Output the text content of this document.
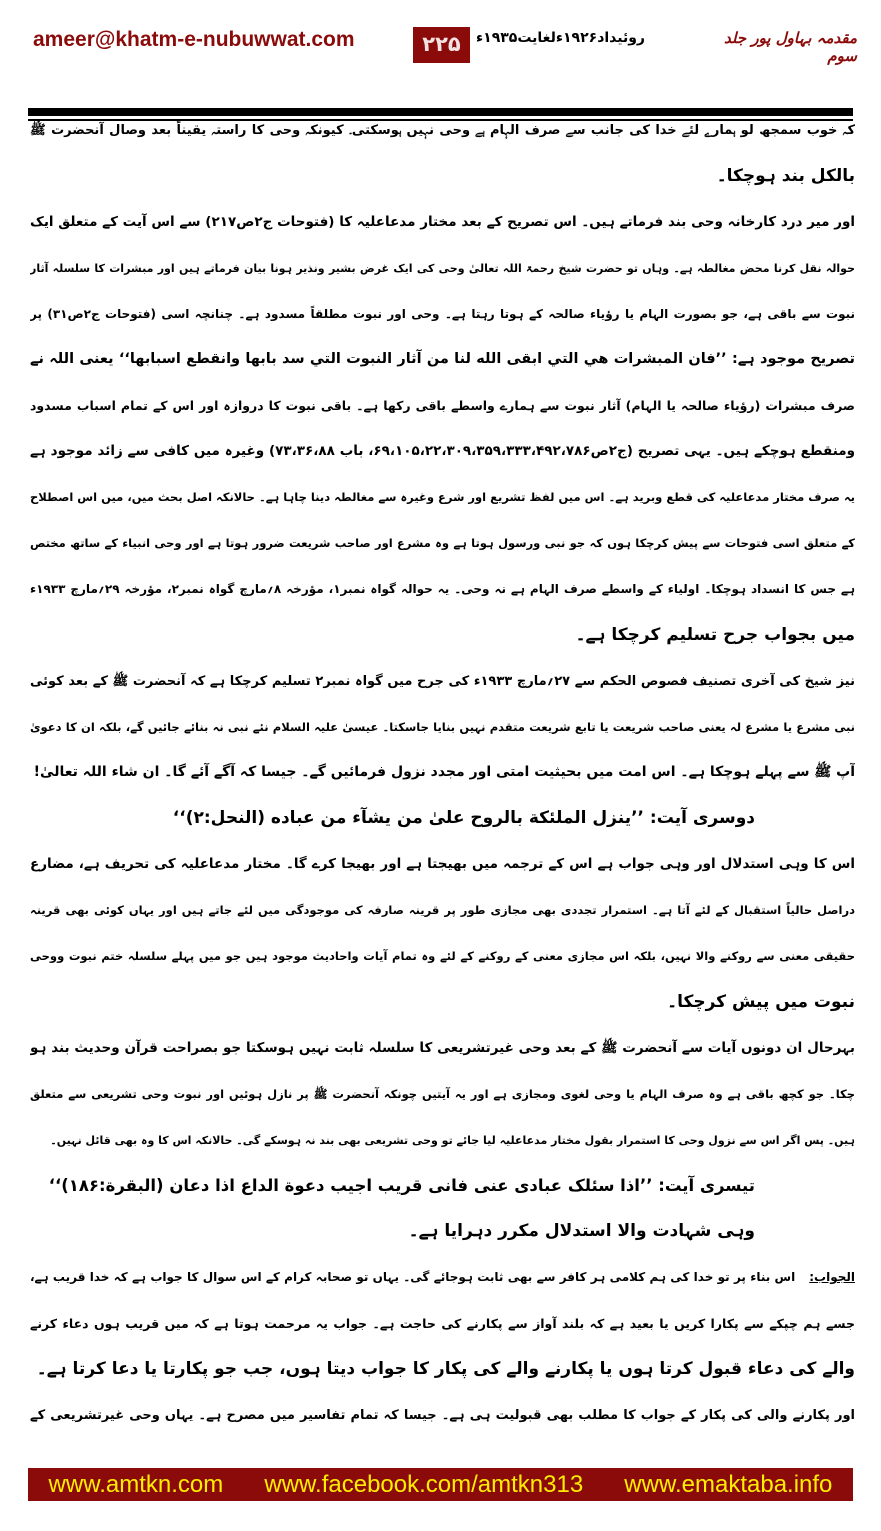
ameer@khatm-e-nubuwwat.com	۲۲۵	روئیداد۱۹۲۶ءلغایت۱۹۳۵ء	مقدمہ بہاول پور جلد سوم
کہ خوب سمجھ لو ہمارے لئے خدا کی جانب سے صرف الہام ہے وحی نہیں ہوسکتی۔ کیونکہ وحی کا راستہ یقیناً بعد وصال آنحضرت ﷺ
بالکل بند ہوچکا۔
اور میر درد کارخانہ وحی بند فرماتے ہیں۔ اس تصریح کے بعد مختار مدعاعلیہ کا (فتوحات ج۲ص۲۱۷) سے اس آیت کے متعلق ایک
حوالہ نقل کرنا محض مغالطہ ہے۔ وہاں تو حضرت شیخ رحمۃ اللہ تعالیٰ وحی کی ایک غرض بشیر ونذیر ہونا بیان فرماتے ہیں اور مبشرات کا سلسلہ آثار
نبوت سے باقی ہے، جو بصورت الہام یا رؤیاء صالحہ کے ہوتا رہتا ہے۔ وحی اور نبوت مطلقاً مسدود ہے۔ چنانچہ اسی (فتوحات ج۲ص۳۱) پر
تصریح موجود ہے: ’’فان المبشرات هي التي ابقى الله لنا من آثار النبوت التي سد بابها وانقطع اسبابها‘‘ یعنی اللہ نے
صرف مبشرات (رؤیاء صالحہ یا الہام) آثار نبوت سے ہمارے واسطے باقی رکھا ہے۔ باقی نبوت کا دروازہ اور اس کے تمام اسباب مسدود
ومنقطع ہوچکے ہیں۔ یہی تصریح (ج۲ص۶۹،۱۰۵،۲۲،۳۰۹،۳۵۹،۳۳۳،۴۹۲،۷۸۶، باب ۷۳،۳۶،۸۸) وغیرہ میں کافی سے زائد موجود ہے
یہ صرف مختار مدعاعلیہ کی قطع وبرید ہے۔ اس میں لفظ تشریع اور شرع وغیرہ سے مغالطہ دینا چاہا ہے۔ حالانکہ اصل بحث میں، میں اس اصطلاح
کے متعلق اسی فتوحات سے پیش کرچکا ہوں کہ جو نبی ورسول ہوتا ہے وہ مشرع اور صاحب شریعت ضرور ہوتا ہے اور وحی انبیاء کے ساتھ مختص
ہے جس کا انسداد ہوچکا۔ اولیاء کے واسطے صرف الہام ہے نہ وحی۔ یہ حوالہ گواہ نمبر۱، مؤرخہ ۸؍مارچ گواہ نمبر۲، مؤرخہ ۲۹؍مارچ ۱۹۳۳ء
میں بجواب جرح تسلیم کرچکا ہے۔
نیز شیخ کی آخری تصنیف فصوص الحکم سے ۲۷؍مارچ ۱۹۳۳ء کی جرح میں گواہ نمبر۲ تسلیم کرچکا ہے کہ آنحضرت ﷺ کے بعد کوئی
نبی مشرع یا مشرع لہ یعنی صاحب شریعت یا تابع شریعت متقدم نہیں بنایا جاسکتا۔ عیسیٰ علیہ السلام نئے نبی نہ بنائے جائیں گے، بلکہ ان کا دعویٰ
آپ ﷺ سے پہلے ہوچکا ہے۔ اس امت میں بحیثیت امتی اور مجدد نزول فرمائیں گے۔ جیسا کہ آگے آئے گا۔ ان شاء اللہ تعالیٰ!
دوسری آیت: ’’ینزل الملئکة بالروح علیٰ من یشآء من عباده (النحل:۲)‘‘
اس کا وہی استدلال اور وہی جواب ہے اس کے ترجمہ میں بھیجتا ہے اور بھیجا کرے گا۔ مختار مدعاعلیہ کی تحریف ہے، مضارع
دراصل حالیاً استقبال کے لئے آتا ہے۔ استمرار تجددی بھی مجازی طور پر قرینہ صارفہ کی موجودگی میں لئے جاتے ہیں اور یہاں کوئی بھی قرینہ
حقیقی معنی سے روکنے والا نہیں، بلکہ اس مجازی معنی کے روکنے کے لئے وہ تمام آیات واحادیث موجود ہیں جو میں پہلے سلسلہ ختم نبوت ووحی
نبوت میں پیش کرچکا۔
بہرحال ان دونوں آیات سے آنحضرت ﷺ کے بعد وحی غیرتشریعی کا سلسلہ ثابت نہیں ہوسکتا جو بصراحت قرآن وحدیث بند ہو
چکا۔ جو کچھ باقی ہے وہ صرف الہام یا وحی لغوی ومجازی ہے اور یہ آیتیں چونکہ آنحضرت ﷺ پر نازل ہوئیں اور نبوت وحی تشریعی سے متعلق
ہیں۔ پس اگر اس سے نزول وحی کا استمرار بقول مختار مدعاعلیہ لیا جائے تو وحی تشریعی بھی بند نہ ہوسکے گی۔ حالانکہ اس کا وہ بھی قائل نہیں۔
تیسری آیت: ’’اذا سئلک عبادی عنی فانی قریب اجیب دعوة الداع اذا دعان (البقرة:۱۸۶)‘‘
وہی شہادت والا استدلال مکرر دہرایا ہے۔
الجواب:اس بناء پر تو خدا کی ہم کلامی ہر کافر سے بھی ثابت ہوجائے گی۔ یہاں تو صحابہ کرام کے اس سوال کا جواب ہے کہ خدا قریب ہے،
جسے ہم چپکے سے پکارا کریں یا بعید ہے کہ بلند آواز سے پکارنے کی حاجت ہے۔ جواب یہ مرحمت ہوتا ہے کہ میں قریب ہوں دعاء کرنے
والے کی دعاء قبول کرتا ہوں یا پکارنے والے کی پکار کا جواب دیتا ہوں، جب جو پکارتا یا دعا کرتا ہے۔
اور پکارنے والی کی پکار کے جواب کا مطلب بھی قبولیت ہی ہے۔ جیسا کہ تمام تفاسیر میں مصرح ہے۔ یہاں وحی غیرتشریعی کے
www.amtkn.com www.facebook.com/amtkn313 www.emaktaba.info
